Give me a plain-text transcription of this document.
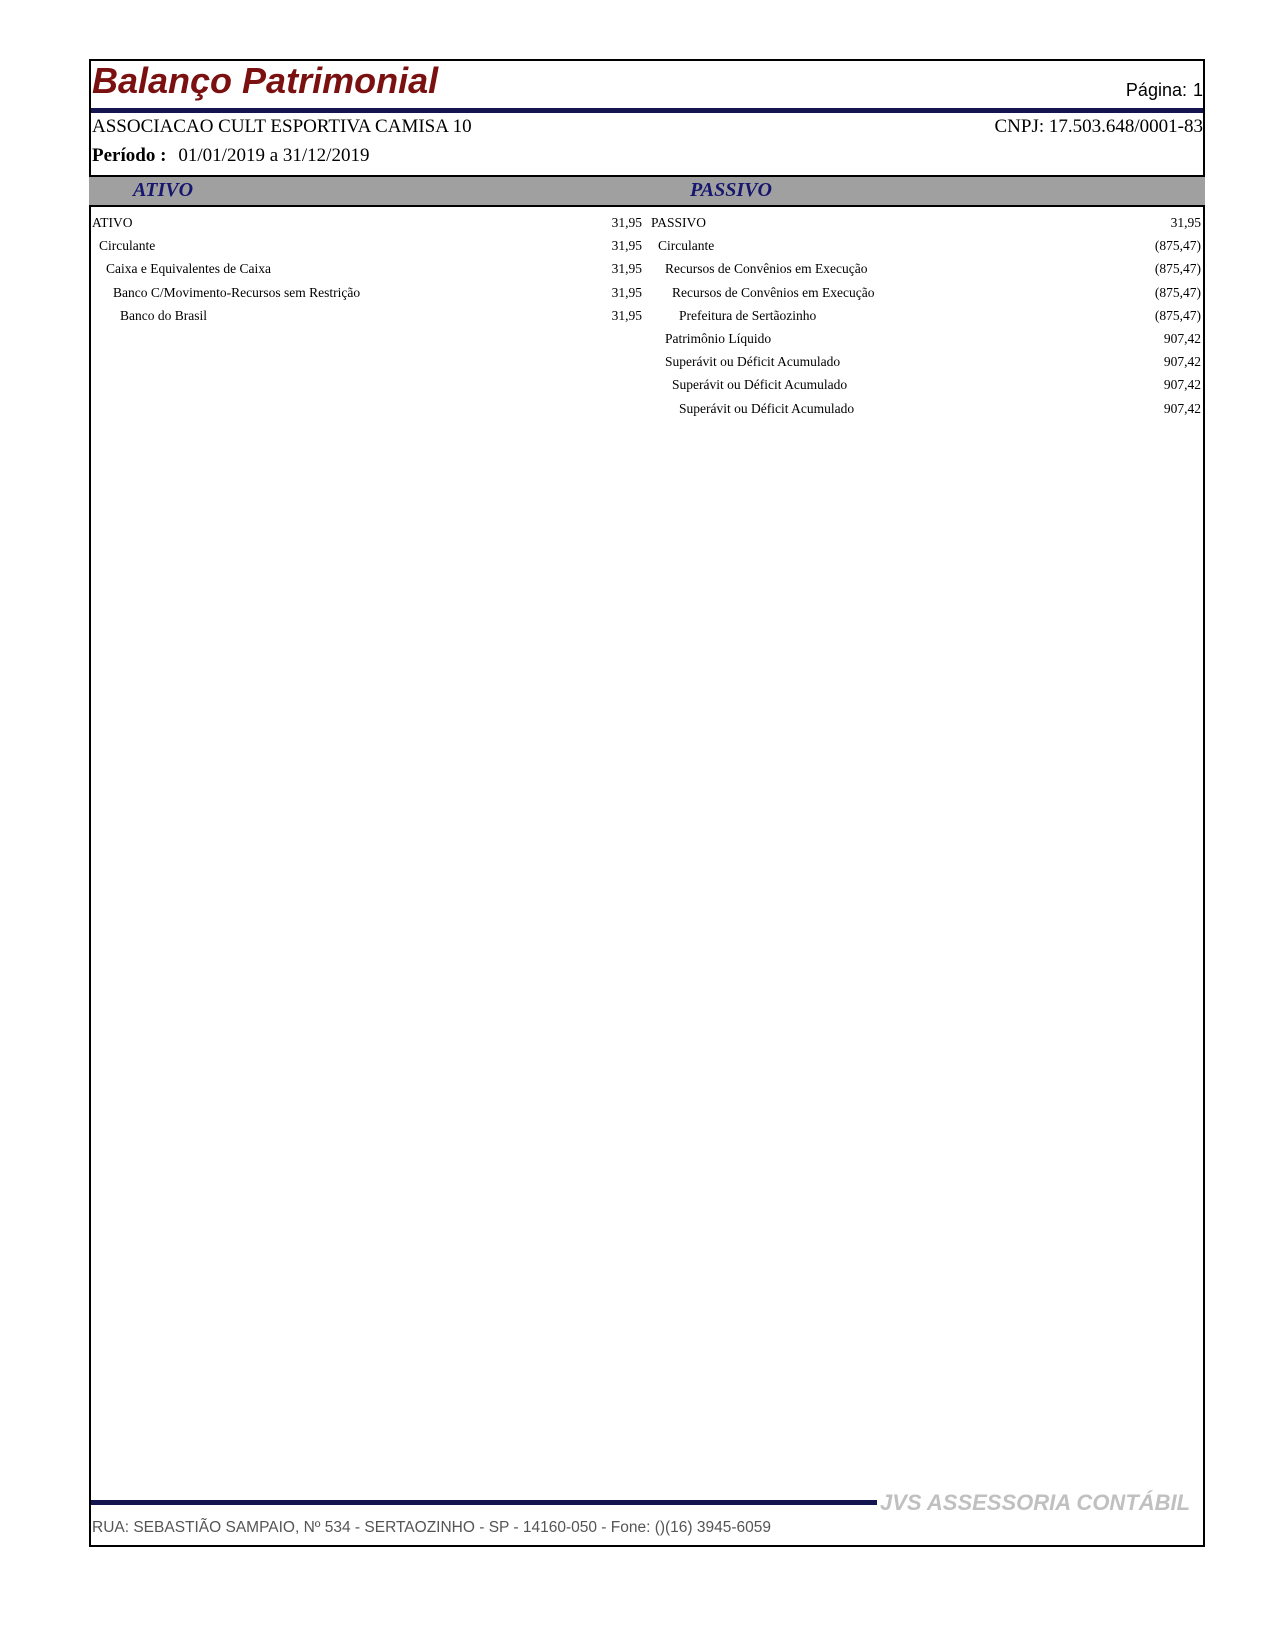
Balanço Patrimonial	Página: 1
ASSOCIACAO CULT ESPORTIVA CAMISA 10	CNPJ: 17.503.648/0001-83
Período : 01/01/2019 a 31/12/2019
ATIVO	PASSIVO
ATIVO	31,95
Circulante	31,95
Caixa e Equivalentes de Caixa	31,95
Banco C/Movimento-Recursos sem Restrição	31,95
Banco do Brasil	31,95
PASSIVO	31,95
Circulante	(875,47)
Recursos de Convênios em Execução	(875,47)
Recursos de Convênios em Execução	(875,47)
Prefeitura de Sertãozinho	(875,47)
Patrimônio Líquido	907,42
Superávit ou Déficit Acumulado	907,42
Superávit ou Déficit Acumulado	907,42
Superávit ou Déficit Acumulado	907,42
JVS ASSESSORIA CONTÁBIL
RUA: SEBASTIÃO SAMPAIO, Nº 534 - SERTAOZINHO - SP - 14160-050 - Fone: ()(16) 3945-6059
